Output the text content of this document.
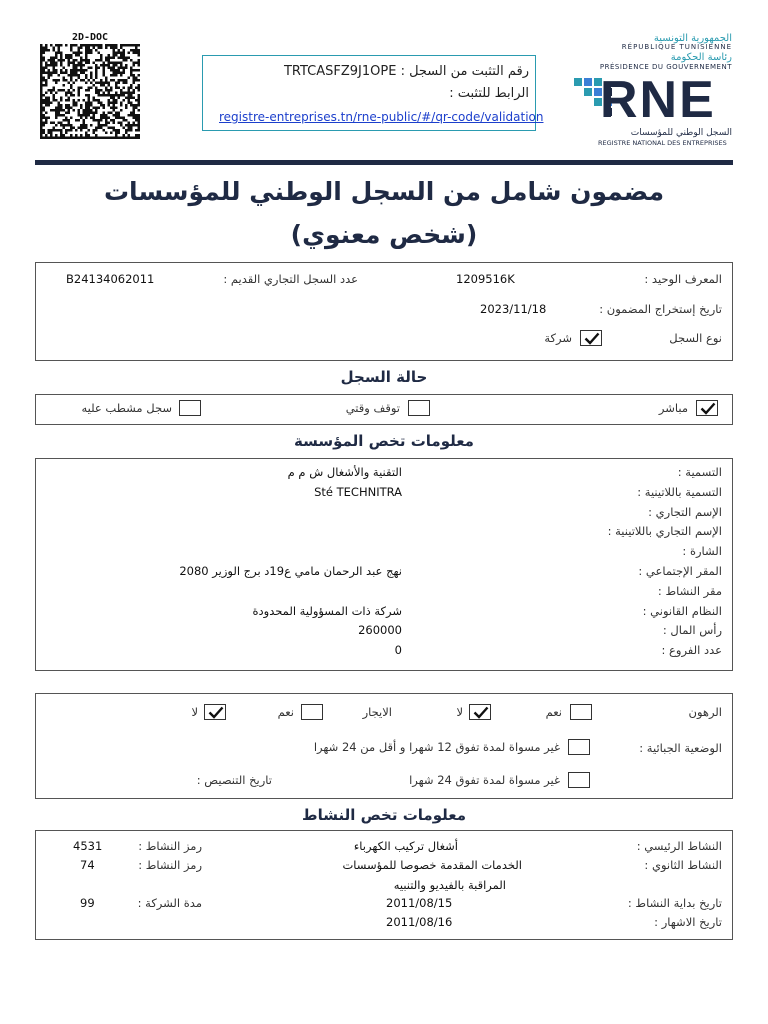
2D-DOC
رقم التثبت من السجل : TRTCASFZ9J1OPE
الرابط للتثبت :
registre-entreprises.tn/rne-public/#/qr-code/validation
الجمهورية التونسية
RÉPUBLIQUE TUNISIENNE
رئاسة الحكومة
PRÉSIDENCE DU GOUVERNEMENT
RNE
السجل الوطني للمؤسسات
REGISTRE NATIONAL DES ENTREPRISES
مضمون شامل من السجل الوطني للمؤسسات
(شخص معنوي)
المعرف الوحيد :
1209516K
عدد السجل التجاري القديم :
B24134062011
تاريخ إستخراج المضمون :
2023/11/18
نوع السجل
شركة
حالة السجل
مباشر
توقف وقتي
سجل مشطب عليه
معلومات تخص المؤسسة
التسمية :
التقنية والأشغال ش م م
التسمية باللاتينية :
Sté TECHNITRA
الإسم التجاري :
الإسم التجاري باللاتينية :
الشارة :
المقر الإجتماعي :
نهج عبد الرحمان مامي ع19د برج الوزير 2080
مقر النشاط :
النظام القانوني :
شركة ذات المسؤولية المحدودة
رأس المال :
260000
عدد الفروع :
0
الرهون
نعم
لا
الايجار
نعم
لا
الوضعية الجبائية :
غير مسواة لمدة تفوق 12 شهرا و أقل من 24 شهرا
غير مسواة لمدة تفوق 24 شهرا
تاريخ التنصيص :
معلومات تخص النشاط
النشاط الرئيسي :
أشغال تركيب الكهرباء
رمز النشاط :
4531
النشاط الثانوي :
الخدمات المقدمة خصوصا للمؤسسات
المراقبة بالفيديو والتنبيه
رمز النشاط :
74
تاريخ بداية النشاط :
2011/08/15
مدة الشركة :
99
تاريخ الاشهار :
2011/08/16
